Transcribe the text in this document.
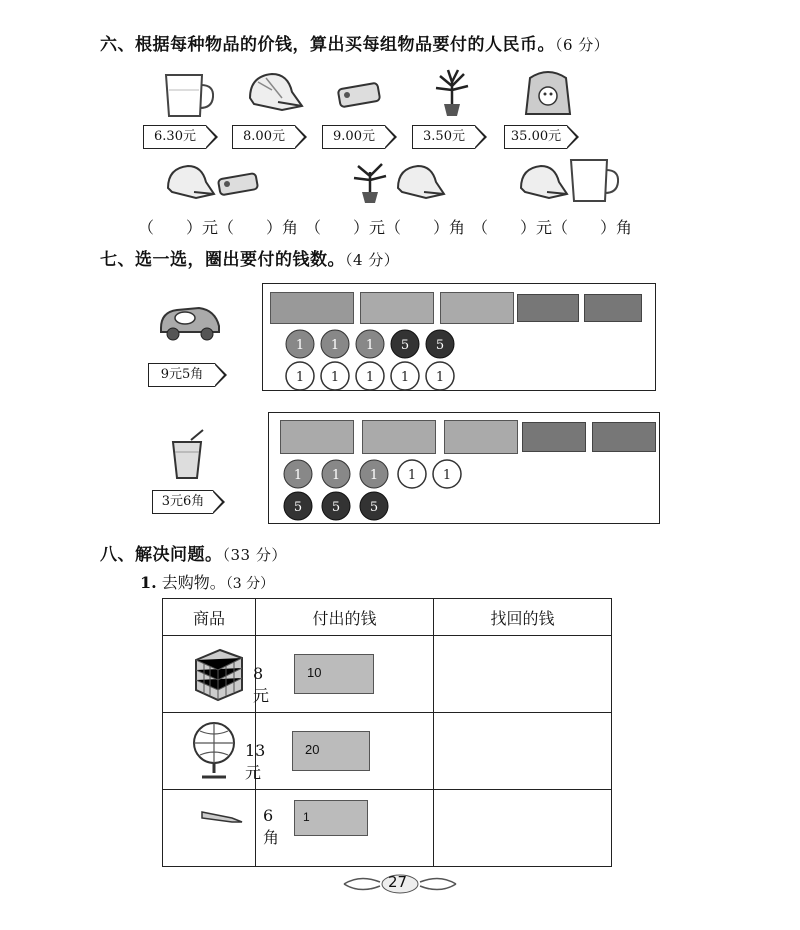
六、根据每种物品的价钱，算出买每组物品要付的人民币。（6 分）
6.30元	8.00元	9.00元	3.50元	35.00元
（　　）元（　　）角 （　　）元（　　）角 （　　）元（　　）角
七、选一选，圈出要付的钱数。（4 分）
9元5角
1 1 1 5 5
1 1 1 1 1
3元6角
1 1 1 1 1
5 5 5
八、解决问题。（33 分）
1. 去购物。（3 分）
商品	付出的钱	找回的钱

8 元	10	

13 元	20	

6 角	1	

27
